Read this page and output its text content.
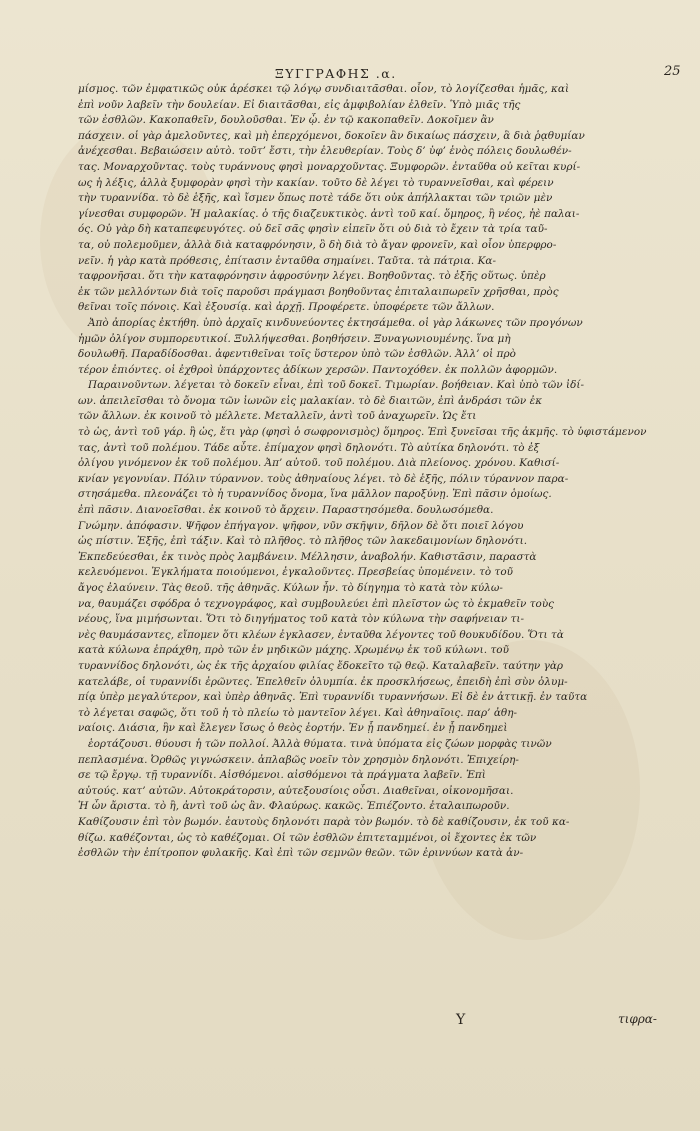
ΞΥΓΓΡΑΦΗΣ .α.	25
μίσμος. τῶν ἐμφατικῶς οὐκ ἀρέσκει τῷ λόγῳ συνδιαιτᾶσθαι. οἷον, τὸ λογίζεσθαι ἡμᾶς, καὶ
ἐπὶ νοῦν λαβεῖν τὴν δουλείαν. Εἰ διαιτᾶσθαι, εἰς ἀμφιβολίαν ἐλθεῖν. Ὑπὸ μιᾶς τῆς
τῶν ἐσθλῶν. Κακοπαθεῖν, δουλοῦσθαι. Ἐν ᾧ. ἐν τῷ κακοπαθεῖν. Δοκοῖμεν ἂν
πάσχειν. οἱ γὰρ ἀμελοῦντες, καὶ μὴ ἐπερχόμενοι, δοκοῖεν ἂν δικαίως πάσχειν, ἃ διὰ ῥᾳθυμίαν
ἀνέχεσθαι. Βεβαιώσειν αὐτὸ. τοῦτ’ ἔστι, τὴν ἐλευθερίαν. Τοὺς δ’ ὑφ’ ἑνὸς πόλεις δουλωθέν-
τας. Μοναρχοῦντας. τοὺς τυράννους φησὶ μοναρχοῦντας. Ξυμφορῶν. ἐνταῦθα οὐ κεῖται κυρί-
ως ἡ λέξις, ἀλλὰ ξυμφορὰν φησὶ τὴν κακίαν. τοῦτο δὲ λέγει τὸ τυραννεῖσθαι, καὶ φέρειν
τὴν τυραννίδα. τὸ δὲ ἑξῆς, καὶ ἴσμεν ὅπως ποτὲ τάδε ὅτι οὐκ ἀπήλλακται τῶν τριῶν μὲν
γίνεσθαι συμφορῶν. Ἡ μαλακίας. ὁ τῆς διαζευκτικὸς. ἀντὶ τοῦ καί. ὅμηρος, ἢ νέος, ἠὲ παλαι-
ός. Οὐ γὰρ δὴ καταπεφευγότες. οὐ δεῖ σᾶς φησὶν εἰπεῖν ὅτι οὐ διὰ τὸ ἔχειν τὰ τρία ταῦ-
τα, οὐ πολεμοῦμεν, ἀλλὰ διὰ καταφρόνησιν, ὃ δὴ διὰ τὸ ἄγαν φρονεῖν, καὶ οἷον ὑπερφρο-
νεῖν. ἡ γὰρ κατὰ πρόθεσις, ἐπίτασιν ἐνταῦθα σημαίνει. Ταῦτα. τὰ πάτρια. Κα-
ταφρονῆσαι. ὅτι τὴν καταφρόνησιν ἀφροσύνην λέγει. Βοηθοῦντας. τὸ ἑξῆς οὕτως. ὑπὲρ
ἐκ τῶν μελλόντων διὰ τοῖς παροῦσι πράγμασι βοηθοῦντας ἐπιταλαιπωρεῖν χρῆσθαι, πρὸς
θεῖναι τοῖς πόνοις. Καὶ ἐξουσίᾳ. καὶ ἀρχῇ. Προφέρετε. ὑποφέρετε τῶν ἄλλων.
Ἀπὸ ἀπορίας ἐκτήθη. ὑπὸ ἀρχαῖς κινδυνεύοντες ἐκτησάμεθα. οἱ γὰρ λάκωνες τῶν προγόνων
ἡμῶν ὀλίγον συμπορευτικοί. Ξυλλήψεσθαι. βοηθήσειν. Ξυναγωνιουμένης. ἵνα μὴ
δουλωθῆ. Παραδίδοσθαι. ἀφεντιθεῖναι τοῖς ὕστερον ὑπὸ τῶν ἐσθλῶν. Ἀλλ’ οἱ πρὸ
τέρον ἐπιόντες. οἱ ἐχθροὶ ὑπάρχοντες ἀδίκων χερσῶν. Παντοχόθεν. ἐκ πολλῶν ἀφορμῶν.
Παραινοῦντων. λέγεται τὸ δοκεῖν εἶναι, ἐπὶ τοῦ δοκεῖ. Τιμωρίαν. βοήθειαν. Καὶ ὑπὸ τῶν ἰδί-
ων. ἀπειλεῖσθαι τὸ ὄνομα τῶν ἰωνῶν εἰς μαλακίαν. τὸ δὲ διαιτῶν, ἐπὶ ἀνδράσι τῶν ἐκ
τῶν ἄλλων. ἐκ κοινοῦ τὸ μέλλετε. Μεταλλεῖν, ἀντὶ τοῦ ἀναχωρεῖν. Ὡς ἔτι
τὸ ὡς, ἀντὶ τοῦ γάρ. ἢ ὡς, ἔτι γὰρ (φησὶ ὁ σωφρονισμὸς) ὅμηρος. Ἐπὶ ξυνεῖσαι τῆς ἀκμῆς. τὸ ὑφιστάμενον
τας, ἀντὶ τοῦ πολέμου. Τάδε αὖτε. ἐπίμαχον φησὶ δηλονότι. Τὸ αὐτίκα δηλονότι. τὸ ἐξ
ὀλίγου γινόμενον ἐκ τοῦ πολέμου. Ἀπ’ αὐτοῦ. τοῦ πολέμου. Διὰ πλείονος. χρόνου. Καθισί-
κνίαν γεγονυίαν. Πόλιν τύραννον. τοὺς ἀθηναίους λέγει. τὸ δὲ ἑξῆς, πόλιν τύραννον παρα-
στησάμεθα. πλεονάζει τὸ ἡ τυραννίδος ὄνομα, ἵνα μᾶλλον παροξύνῃ. Ἐπὶ πᾶσιν ὁμοίως.
ἐπὶ πᾶσιν. Διανοεῖσθαι. ἐκ κοινοῦ τὸ ἄρχειν. Παραστησόμεθα. δουλωσόμεθα.
Γνώμην. ἀπόφασιν. Ψῆφον ἐπήγαγον. ψῆφον, νῦν σκῆψιν, δῆλον δὲ ὅτι ποιεῖ λόγου
ὡς πίστιν. Ἐξῆς, ἐπὶ τάξιν. Καὶ τὸ πλῆθος. τὸ πλῆθος τῶν λακεδαιμονίων δηλονότι.
Ἐκπεδεύεσθαι, ἐκ τινὸς πρὸς λαμβάνειν. Μέλλησιν, ἀναβολήν. Καθιστᾶσιν, παραστὰ
κελευόμενοι. Ἐγκλήματα ποιούμενοι, ἐγκαλοῦντες. Πρεσβείας ὑπομένειν. τὸ τοῦ
ἄγος ἐλαύνειν. Τὰς θεοῦ. τῆς ἀθηνᾶς. Κύλων ἦν. τὸ δίηγημα τὸ κατὰ τὸν κύλω-
να, θαυμάζει σφόδρα ὁ τεχνογράφος, καὶ συμβουλεύει ἐπὶ πλεῖστον ὡς τὸ ἐκμαθεῖν τοὺς
νέους, ἵνα μιμήσωνται. Ὅτι τὸ διηγήματος τοῦ κατὰ τὸν κύλωνα τὴν σαφήνειαν τι-
νὲς θαυμάσαντες, εἴπομεν ὅτι κλέων ἐγκλασεν, ἐνταῦθα λέγοντες τοῦ θουκυδίδου. Ὅτι τὰ
κατὰ κύλωνα ἐπράχθη, πρὸ τῶν ἐν μηδικῶν μάχης. Χρωμένῳ ἐκ τοῦ κύλωνι. τοῦ
τυραννίδος δηλονότι, ὡς ἐκ τῆς ἀρχαίου φιλίας ἔδοκεῖτο τῷ θεῷ. Καταλαβεῖν. ταύτην γὰρ
κατελάβε, οἱ τυραννίδι ἐρῶντες. Ἐπελθεῖν ὀλυμπία. ἐκ προσκλήσεως, ἐπειδὴ ἐπὶ σὺν ὀλυμ-
πίᾳ ὑπὲρ μεγαλύτερον, καὶ ὑπὲρ ἀθηνᾶς. Ἐπὶ τυραννίδι τυραννήσων. Εἰ δὲ ἐν ἀττικῇ. ἐν ταῦτα
τὸ λέγεται σαφῶς, ὅτι τοῦ ἡ τὸ πλείω τὸ μαντεῖον λέγει. Καὶ ἀθηναῖοις. παρ’ ἀθη-
ναίοις. Διάσια, ἣν καὶ ἔλεγεν ἴσως ὁ θεὸς ἑορτήν. Ἐν ᾗ πανδημεί. ἐν ᾗ πανδημεὶ
ἑορτάζουσι. θύουσι ἡ τῶν πολλοί. Ἀλλὰ θύματα. τινὰ ὑπόματα εἰς ζώων μορφὰς τινῶν
πεπλασμένα. Ὀρθῶς γιγνώσκειν. ἀπλαβῶς νοεῖν τὸν χρησμὸν δηλονότι. Ἐπιχείρη-
σε τῷ ἔργῳ. τῇ τυραννίδι. Αἰσθόμενοι. αἰσθόμενοι τὰ πράγματα λαβεῖν. Ἐπὶ
αὐτούς. κατ’ αὐτῶν. Αὐτοκράτορσιν, αὐτεξουσίοις οὖσι. Διαθεῖναι, οἰκονομῆσαι.
Ἡ ὧν ἄριστα. τὸ ἢ, ἀντὶ τοῦ ὡς ἂν. Φλαύρως. κακῶς. Ἐπιέζοντο. ἐταλαιπωροῦν.
Καθίζουσιν ἐπὶ τὸν βωμόν. ἑαυτοὺς δηλονότι παρὰ τὸν βωμόν. τὸ δὲ καθίζουσιν, ἐκ τοῦ κα-
θίζω. καθέζονται, ὡς τὸ καθέζομαι. Οἱ τῶν ἐσθλῶν ἐπιτεταμμένοι, οἱ ἔχοντες ἐκ τῶν
ἐσθλῶν τὴν ἐπίτροπον φυλακῆς. Καὶ ἐπὶ τῶν σεμνῶν θεῶν. τῶν ἐριννύων κατὰ ἀν-
Y	τιφρα-
